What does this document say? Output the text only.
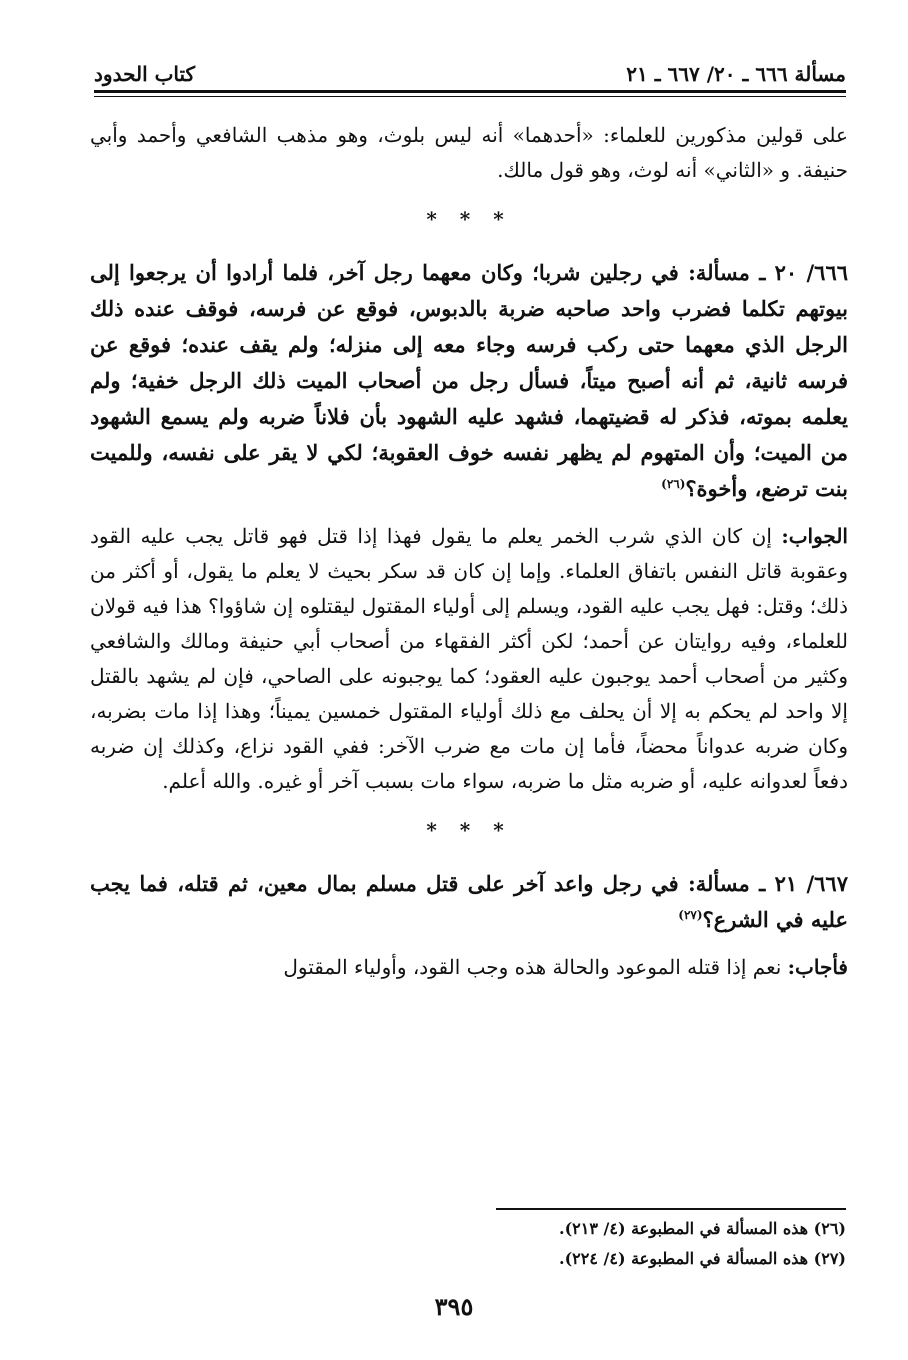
مسألة ٦٦٦ ـ ٢٠/ ٦٦٧ ـ ٢١
كتاب الحدود

على قولين مذكورين للعلماء: «أحدهما» أنه ليس بلوث، وهو مذهب الشافعي وأحمد وأبي حنيفة. و «الثاني» أنه لوث، وهو قول مالك.

* * *

٦٦٦/ ٢٠ ـ مسألة: في رجلين شربا؛ وكان معهما رجل آخر، فلما أرادوا أن يرجعوا إلى بيوتهم تكلما فضرب واحد صاحبه ضربة بالدبوس، فوقع عن فرسه، فوقف عنده ذلك الرجل الذي معهما حتى ركب فرسه وجاء معه إلى منزله؛ ولم يقف عنده؛ فوقع عن فرسه ثانية، ثم أنه أصبح ميتاً، فسأل رجل من أصحاب الميت ذلك الرجل خفية؛ ولم يعلمه بموته، فذكر له قضيتهما، فشهد عليه الشهود بأن فلاناً ضربه ولم يسمع الشهود من الميت؛ وأن المتهوم لم يظهر نفسه خوف العقوبة؛ لكي لا يقر على نفسه، وللميت بنت ترضع، وأخوة؟$^{(٢٦)}$

الجواب: إن كان الذي شرب الخمر يعلم ما يقول فهذا إذا قتل فهو قاتل يجب عليه القود وعقوبة قاتل النفس باتفاق العلماء. وإما إن كان قد سكر بحيث لا يعلم ما يقول، أو أكثر من ذلك؛ وقتل: فهل يجب عليه القود، ويسلم إلى أولياء المقتول ليقتلوه إن شاؤوا؟ هذا فيه قولان للعلماء، وفيه روايتان عن أحمد؛ لكن أكثر الفقهاء من أصحاب أبي حنيفة ومالك والشافعي وكثير من أصحاب أحمد يوجبون عليه العقود؛ كما يوجبونه على الصاحي، فإن لم يشهد بالقتل إلا واحد لم يحكم به إلا أن يحلف مع ذلك أولياء المقتول خمسين يميناً؛ وهذا إذا مات بضربه، وكان ضربه عدواناً محضاً، فأما إن مات مع ضرب الآخر: ففي القود نزاع، وكذلك إن ضربه دفعاً لعدوانه عليه، أو ضربه مثل ما ضربه، سواء مات بسبب آخر أو غيره. والله أعلم.

* * *

٦٦٧/ ٢١ ـ مسألة: في رجل واعد آخر على قتل مسلم بمال معين، ثم قتله، فما يجب عليه في الشرع؟$^{(٢٧)}$

فأجاب: نعم إذا قتله الموعود والحالة هذه وجب القود، وأولياء المقتول

(٢٦) هذه المسألة في المطبوعة (٤/ ٢١٣).
(٢٧) هذه المسألة في المطبوعة (٤/ ٢٢٤).
٣٩٥
